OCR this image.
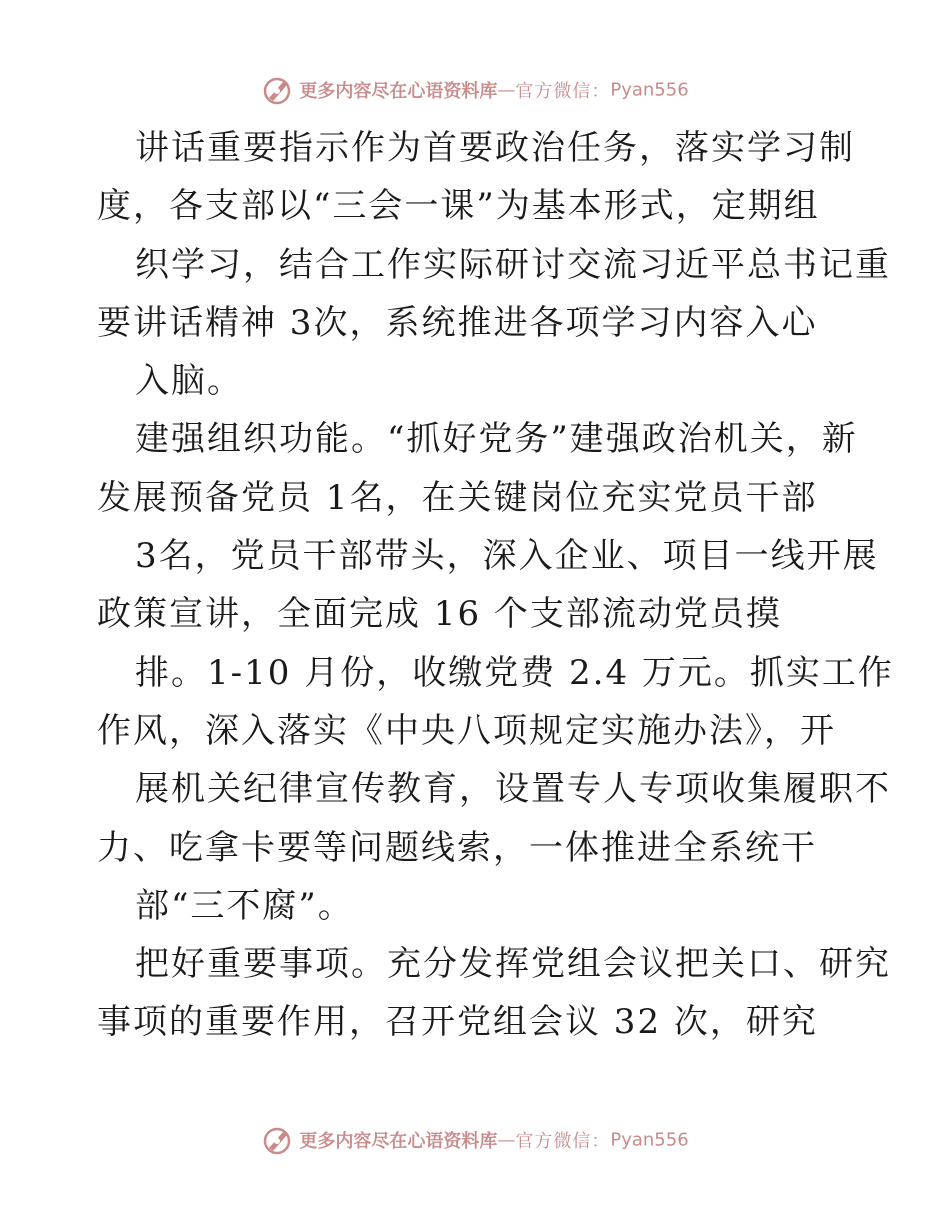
更多内容尽在心语资料库—官方微信：Pyan556
讲话重要指示作为首要政治任务，落实学习制
度，各支部以“三会一课”为基本形式，定期组
织学习，结合工作实际研讨交流习近平总书记重
要讲话精神 3次，系统推进各项学习内容入心
入脑。
建强组织功能。“抓好党务”建强政治机关，新
发展预备党员 1名，在关键岗位充实党员干部
3名，党员干部带头，深入企业、项目一线开展
政策宣讲，全面完成 16 个支部流动党员摸
排。1-10 月份，收缴党费 2.4 万元。抓实工作
作风，深入落实《中央八项规定实施办法》，开
展机关纪律宣传教育，设置专人专项收集履职不
力、吃拿卡要等问题线索，一体推进全系统干
部“三不腐”。
把好重要事项。充分发挥党组会议把关口、研究
事项的重要作用，召开党组会议 32 次，研究
更多内容尽在心语资料库—官方微信：Pyan556
